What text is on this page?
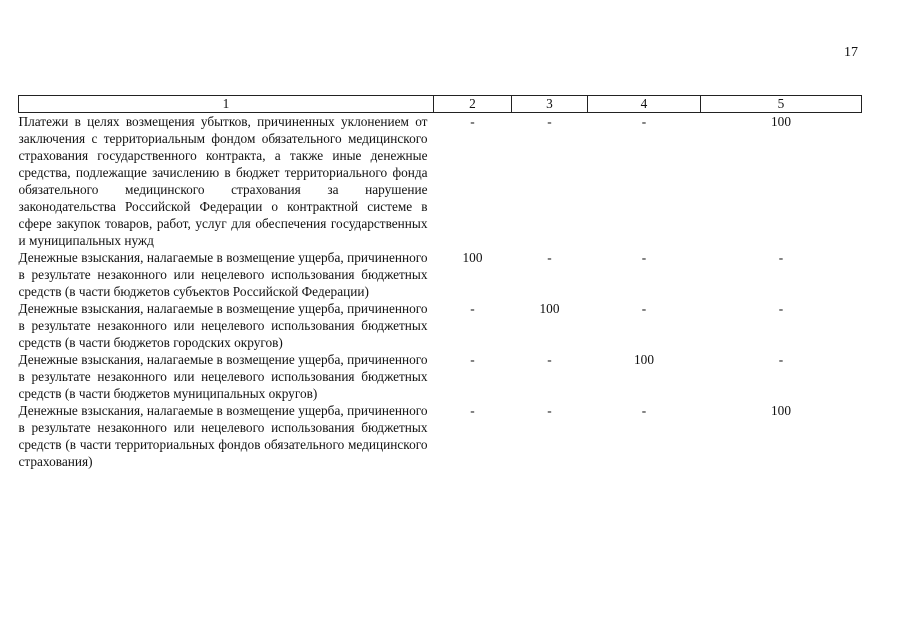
17
1	2	3	4	5
Платежи в целях возмещения убытков, причиненных уклонением от заключения с территориальным фондом обязательного медицинского страхования государственного контракта, а также иные денежные средства, подлежащие зачислению в бюджет территориального фонда обязательного медицинского страхования за нарушение законодательства Российской Федерации о контрактной системе в сфере закупок товаров, работ, услуг для обеспечения государственных и муниципальных нужд	-	-	-	100
Денежные взыскания, налагаемые в возмещение ущерба, причиненного в результате незаконного или нецелевого использования бюджетных средств (в части бюджетов субъектов Российской Федерации)	100	-	-	-
Денежные взыскания, налагаемые в возмещение ущерба, причиненного в результате незаконного или нецелевого использования бюджетных средств (в части бюджетов городских округов)	-	100	-	-
Денежные взыскания, налагаемые в возмещение ущерба, причиненного в результате незаконного или нецелевого использования бюджетных средств (в части бюджетов муниципальных округов)	-	-	100	-
Денежные взыскания, налагаемые в возмещение ущерба, причиненного в результате незаконного или нецелевого использования бюджетных средств (в части территориальных фондов обязательного медицинского страхования)	-	-	-	100
